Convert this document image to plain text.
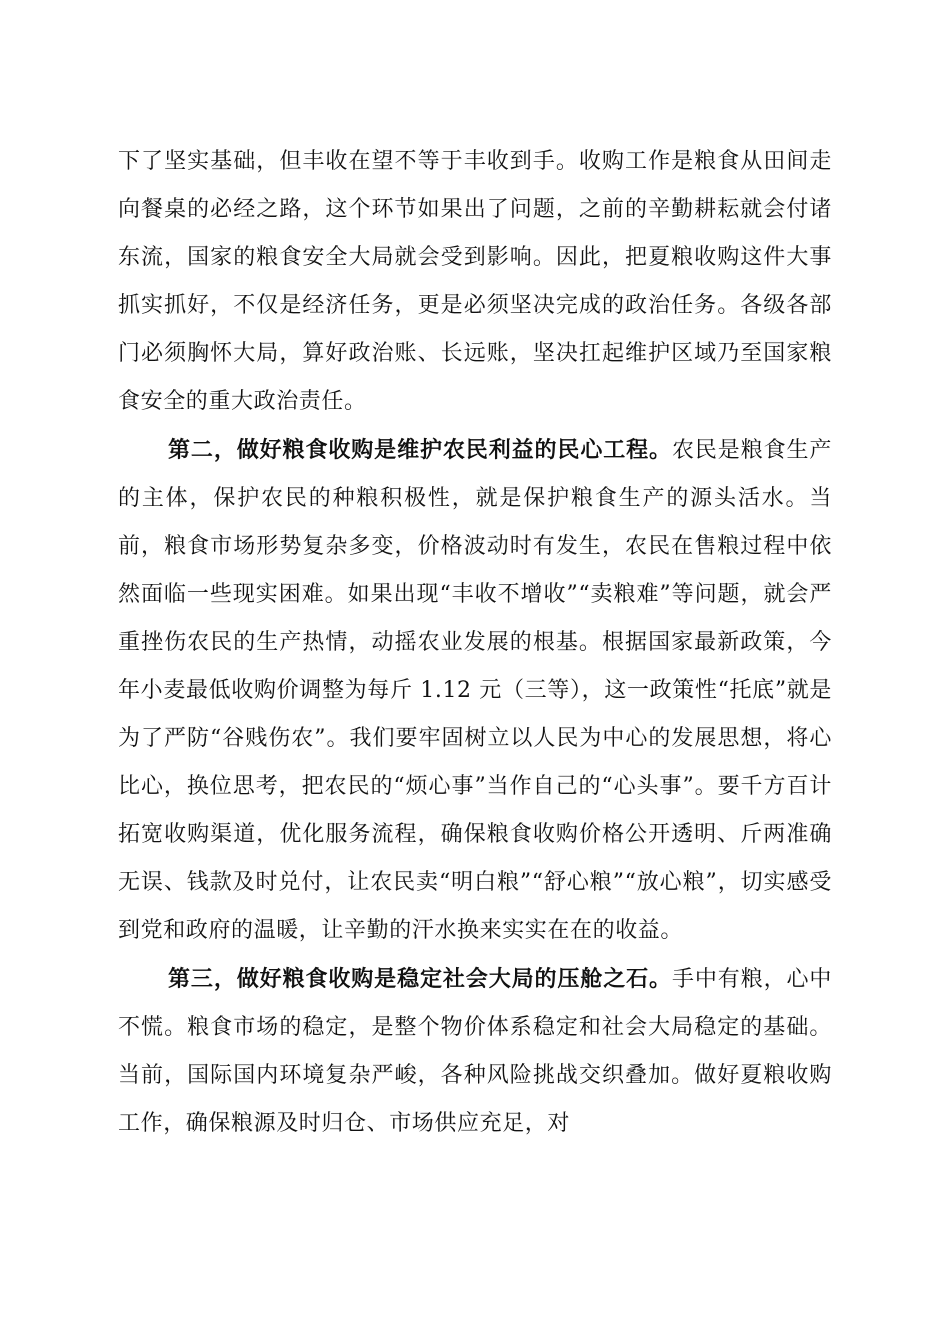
下了坚实基础，但丰收在望不等于丰收到手。收购工作是粮食从田间走向餐桌的必经之路，这个环节如果出了问题，之前的辛勤耕耘就会付诸东流，国家的粮食安全大局就会受到影响。因此，把夏粮收购这件大事抓实抓好，不仅是经济任务，更是必须坚决完成的政治任务。各级各部门必须胸怀大局，算好政治账、长远账，坚决扛起维护区域乃至国家粮食安全的重大政治责任。

第二，做好粮食收购是维护农民利益的民心工程。农民是粮食生产的主体，保护农民的种粮积极性，就是保护粮食生产的源头活水。当前，粮食市场形势复杂多变，价格波动时有发生，农民在售粮过程中依然面临一些现实困难。如果出现“丰收不增收”“卖粮难”等问题，就会严重挫伤农民的生产热情，动摇农业发展的根基。根据国家最新政策，今年小麦最低收购价调整为每斤 1.12 元（三等），这一政策性“托底”就是为了严防“谷贱伤农”。我们要牢固树立以人民为中心的发展思想，将心比心，换位思考，把农民的“烦心事”当作自己的“心头事”。要千方百计拓宽收购渠道，优化服务流程，确保粮食收购价格公开透明、斤两准确无误、钱款及时兑付，让农民卖“明白粮”“舒心粮”“放心粮”，切实感受到党和政府的温暖，让辛勤的汗水换来实实在在的收益。

第三，做好粮食收购是稳定社会大局的压舱之石。手中有粮，心中不慌。粮食市场的稳定，是整个物价体系稳定和社会大局稳定的基础。当前，国际国内环境复杂严峻，各种风险挑战交织叠加。做好夏粮收购工作，确保粮源及时归仓、市场供应充足，对
